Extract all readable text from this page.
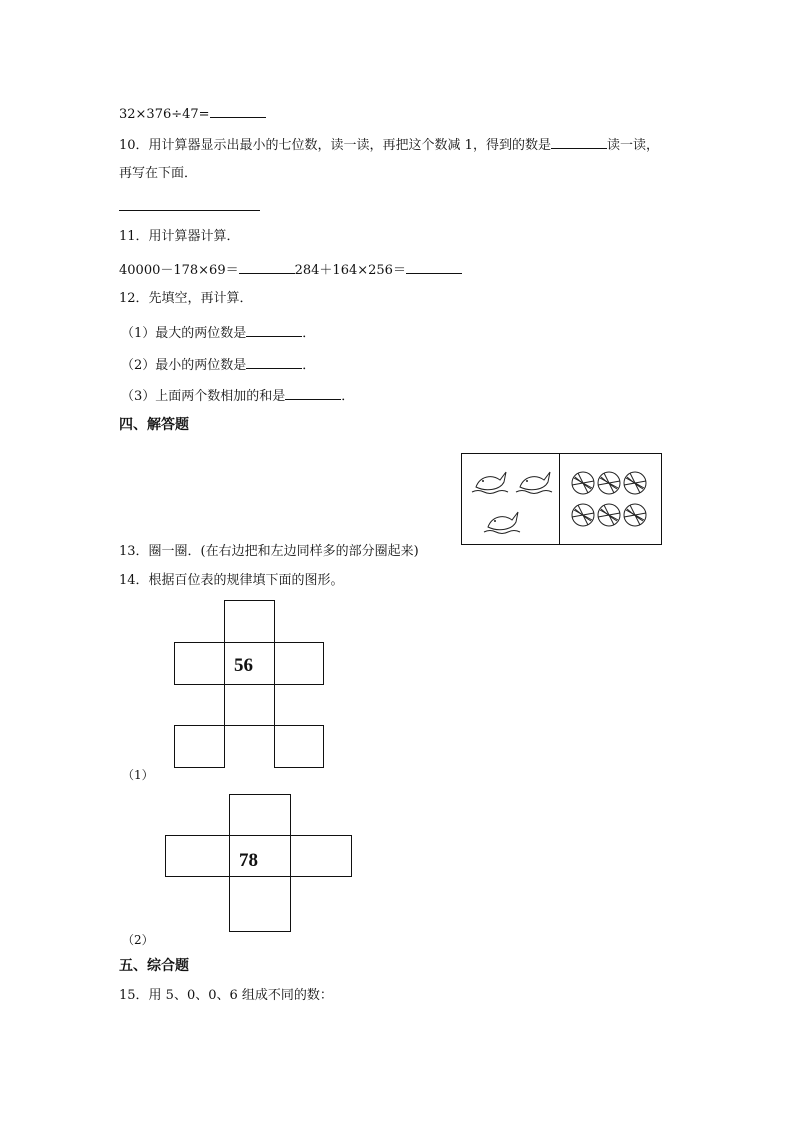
32×376÷47=
10．用计算器显示出最小的七位数，读一读，再把这个数减 1，得到的数是	读一读，
再写在下面．
11．用计算器计算．
40000－178×69＝	284＋164×256＝
12．先填空，再计算．
（1）最大的两位数是	．
（2）最小的两位数是	．
（3）上面两个数相加的和是	．
四、解答题
13．圈一圈．(在右边把和左边同样多的部分圈起来)
14．根据百位表的规律填下面的图形。
56
（1）
78
（2）
五、综合题
15．用 5、0、0、6 组成不同的数：
